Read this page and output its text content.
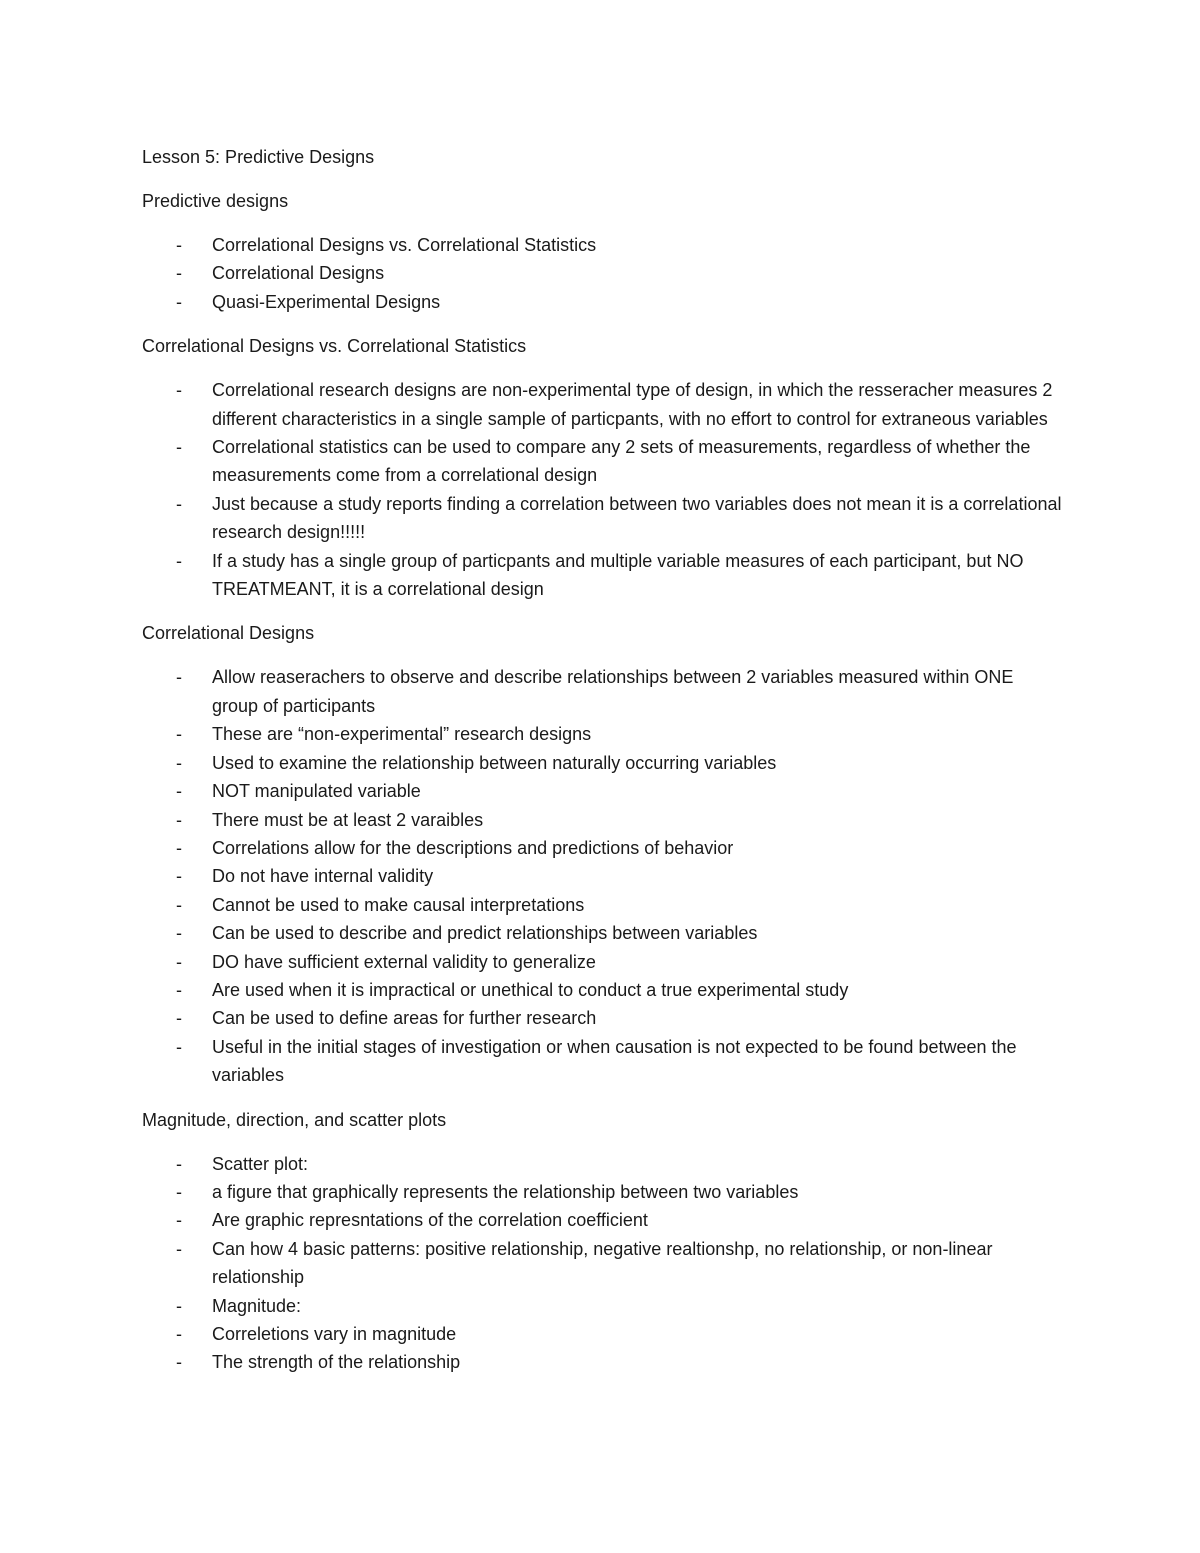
Lesson 5: Predictive Designs

Predictive designs

- Correlational Designs vs. Correlational Statistics
- Correlational Designs
- Quasi-Experimental Designs

Correlational Designs vs. Correlational Statistics

- Correlational research designs are non-experimental type of design, in which the resseracher measures 2 different characteristics in a single sample of particpants, with no effort to control for extraneous variables
- Correlational statistics can be used to compare any 2 sets of measurements, regardless of whether the measurements come from a correlational design
- Just because a study reports finding a correlation between two variables does not mean it is a correlational research design!!!!!
- If a study has a single group of particpants and multiple variable measures of each participant, but NO TREATMEANT, it is a correlational design

Correlational Designs

- Allow reaserachers to observe and describe relationships between 2 variables measured within ONE group of participants
- These are “non-experimental” research designs
- Used to examine the relationship between naturally occurring variables
- NOT manipulated variable
- There must be at least 2 varaibles
- Correlations allow for the descriptions and predictions of behavior
- Do not have internal validity
- Cannot be used to make causal interpretations
- Can be used to describe and predict relationships between variables
- DO have sufficient external validity to generalize
- Are used when it is impractical or unethical to conduct a true experimental study
- Can be used to define areas for further research
- Useful in the initial stages of investigation or when causation is not expected to be found between the variables

Magnitude, direction, and scatter plots

- Scatter plot:
- a figure that graphically represents the relationship between two variables
- Are graphic represntations of the correlation coefficient
- Can how 4 basic patterns: positive relationship, negative realtionshp, no relationship, or non-linear relationship
- Magnitude:
- Correletions vary in magnitude
- The strength of the relationship
